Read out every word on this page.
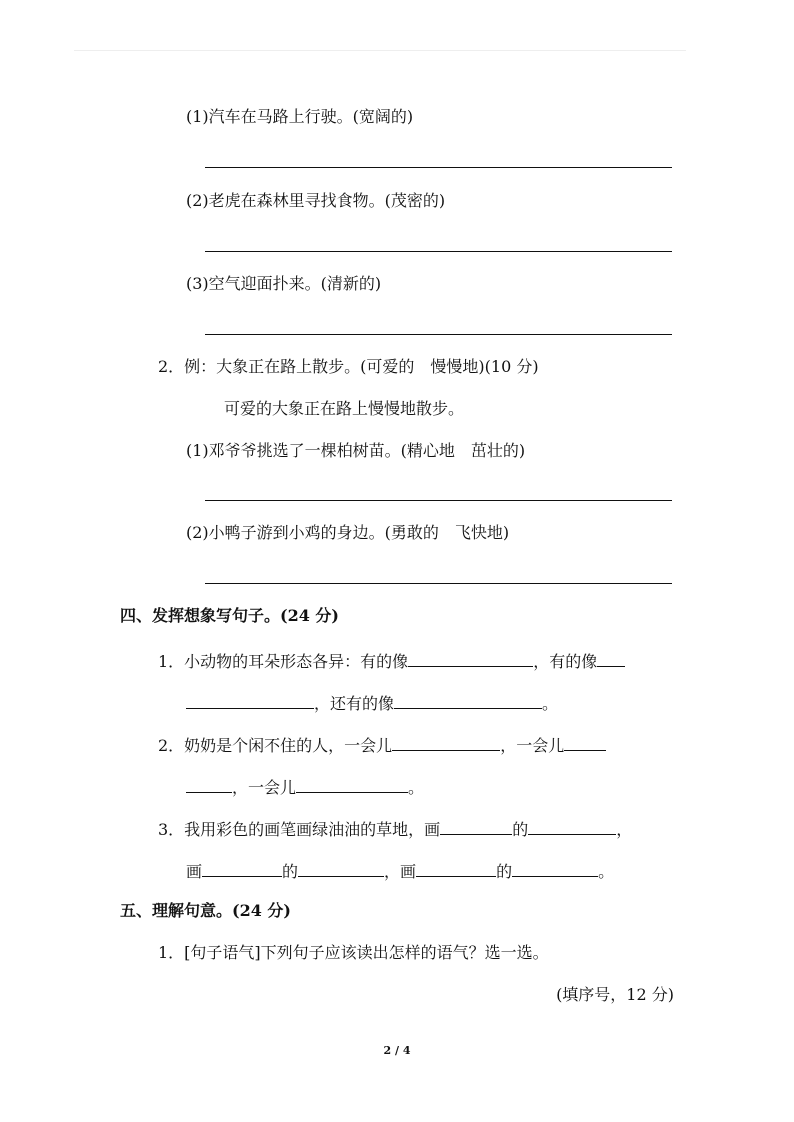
(1)汽车在马路上行驶。(宽阔的)
(2)老虎在森林里寻找食物。(茂密的)
(3)空气迎面扑来。(清新的)
2．例：大象正在路上散步。(可爱的　慢慢地)(10 分)
可爱的大象正在路上慢慢地散步。
(1)邓爷爷挑选了一棵柏树苗。(精心地　茁壮的)
(2)小鸭子游到小鸡的身边。(勇敢的　飞快地)
四、发挥想象写句子。(24 分)
1．小动物的耳朵形态各异：有的像	，有的像
，还有的像	。
2．奶奶是个闲不住的人，一会儿	，一会儿
，一会儿	。
3．我用彩色的画笔画绿油油的草地，画	的	，
画	的	，画	的	。
五、理解句意。(24 分)
1．[句子语气]下列句子应该读出怎样的语气？选一选。
(填序号，12 分)
2 / 4
